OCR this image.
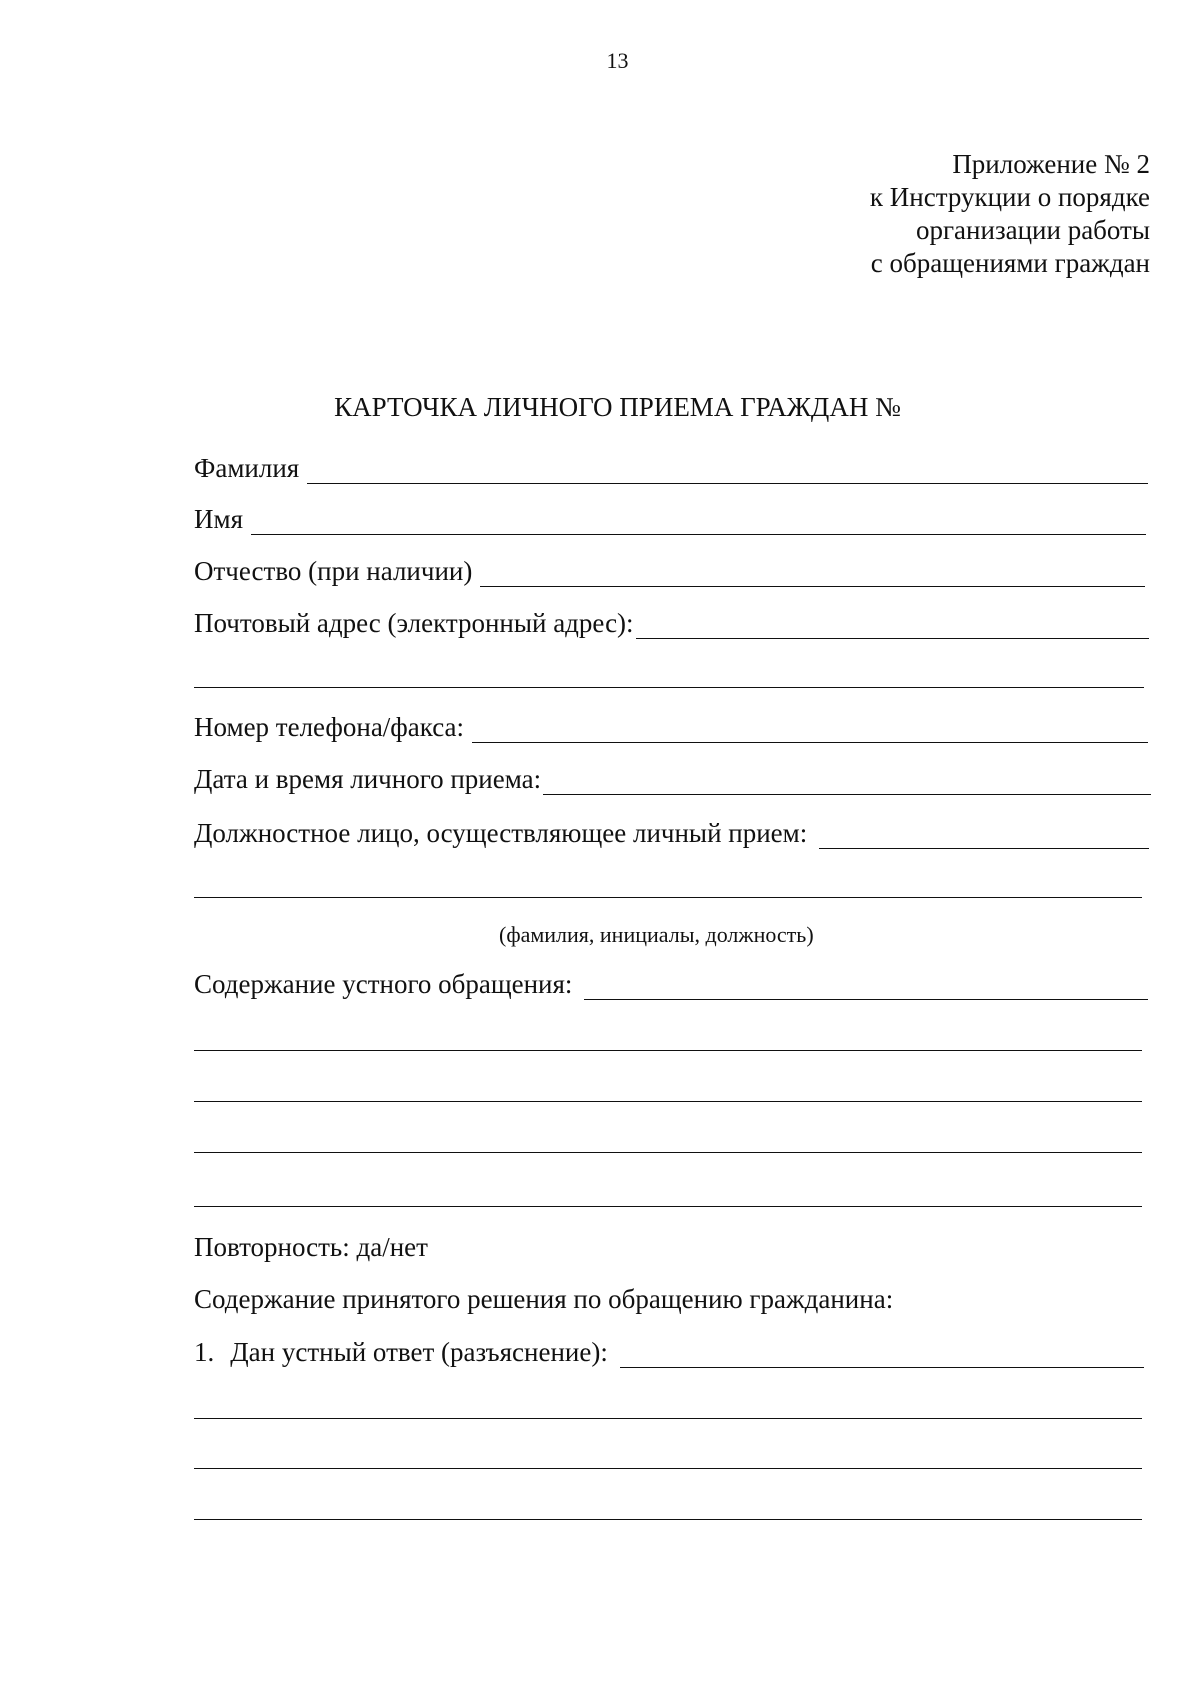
13
Приложение № 2
к Инструкции о порядке
организации работы
с обращениями граждан
КАРТОЧКА ЛИЧНОГО ПРИЕМА ГРАЖДАН №
Фамилия
Имя
Отчество (при наличии)
Почтовый адрес (электронный адрес):
Номер телефона/факса:
Дата и время личного приема:
Должностное лицо, осуществляющее личный прием:
(фамилия, инициалы, должность)
Содержание устного обращения:
Повторность: да/нет
Содержание принятого решения по обращению гражданина:
1. Дан устный ответ (разъяснение):
